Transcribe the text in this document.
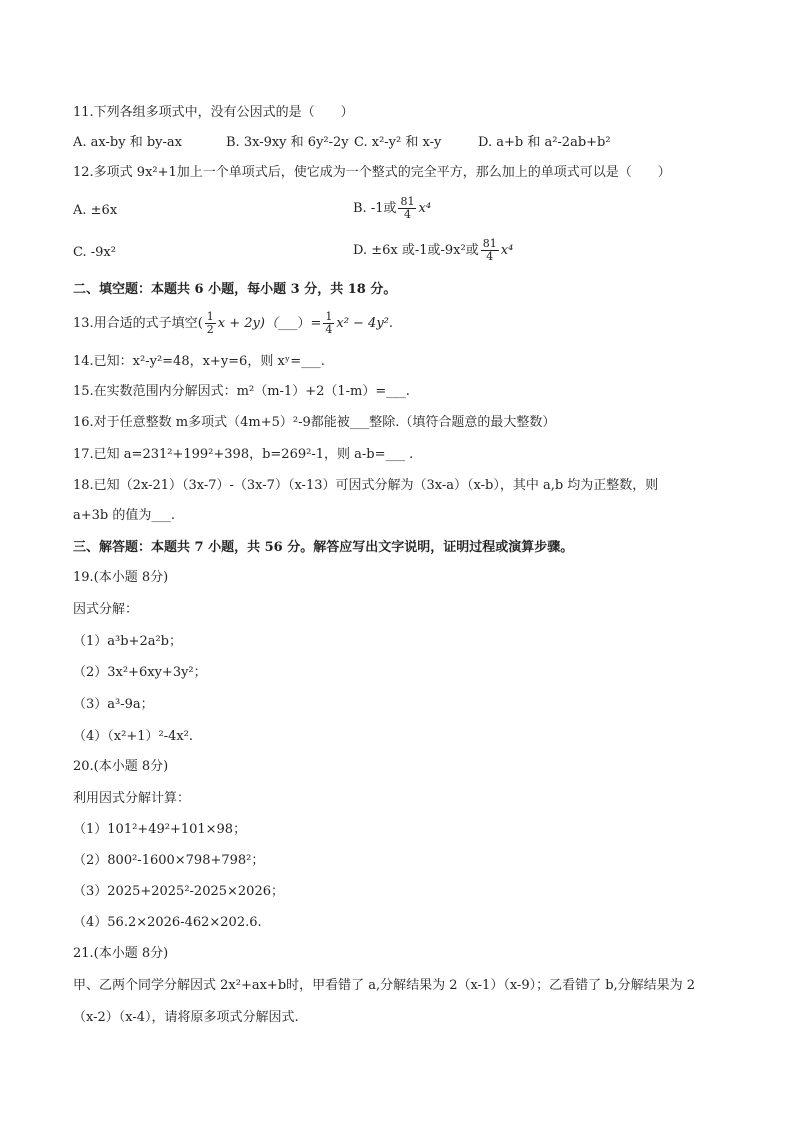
11.下列各组多项式中，没有公因式的是（　　）
A. ax-by 和 by-ax	B. 3x-9xy 和 6y²-2y C. x²-y² 和 x-y	D. a+b 和 a²-2ab+b²
12.多项式 9x²+1加上一个单项式后，使它成为一个整式的完全平方，那么加上的单项式可以是（　　）
A. ±6x	B. -1或 $\frac{81}{4} x^4$
C. -9x²	D. ±6x 或-1或-9x²或 $\frac{81}{4} x^4$
二、填空题：本题共 6 小题，每小题 3 分，共 18 分。
13.用合适的式子填空( $\frac{1}{2}$ x + 2y)（___）= $\frac{1}{4} x^2 - 4y^2$.
14.已知：x²-y²=48，x+y=6，则 xʸ=___.
15.在实数范围内分解因式：m²（m-1）+2（1-m）=___.
16.对于任意整数 m多项式（4m+5）²-9都能被___整除.（填符合题意的最大整数）
17.已知 a=231²+199²+398，b=269²-1，则 a-b=___ .
18.已知（2x-21）（3x-7）-（3x-7）（x-13）可因式分解为（3x-a）（x-b），其中 a,b 均为正整数，则
a+3b 的值为___.
三、解答题：本题共 7 小题，共 56 分。解答应写出文字说明，证明过程或演算步骤。
19.(本小题 8分)
因式分解：
（1）a³b+2a²b；
（2）3x²+6xy+3y²；
（3）a³-9a；
（4）（x²+1）²-4x².
20.(本小题 8分)
利用因式分解计算：
（1）101²+49²+101×98；
（2）800²-1600×798+798²；
（3）2025+2025²-2025×2026；
（4）56.2×2026-462×202.6.
21.(本小题 8分)
甲、乙两个同学分解因式 2x²+ax+b时，甲看错了 a,分解结果为 2（x-1）（x-9）；乙看错了 b,分解结果为 2
（x-2）（x-4），请将原多项式分解因式.
